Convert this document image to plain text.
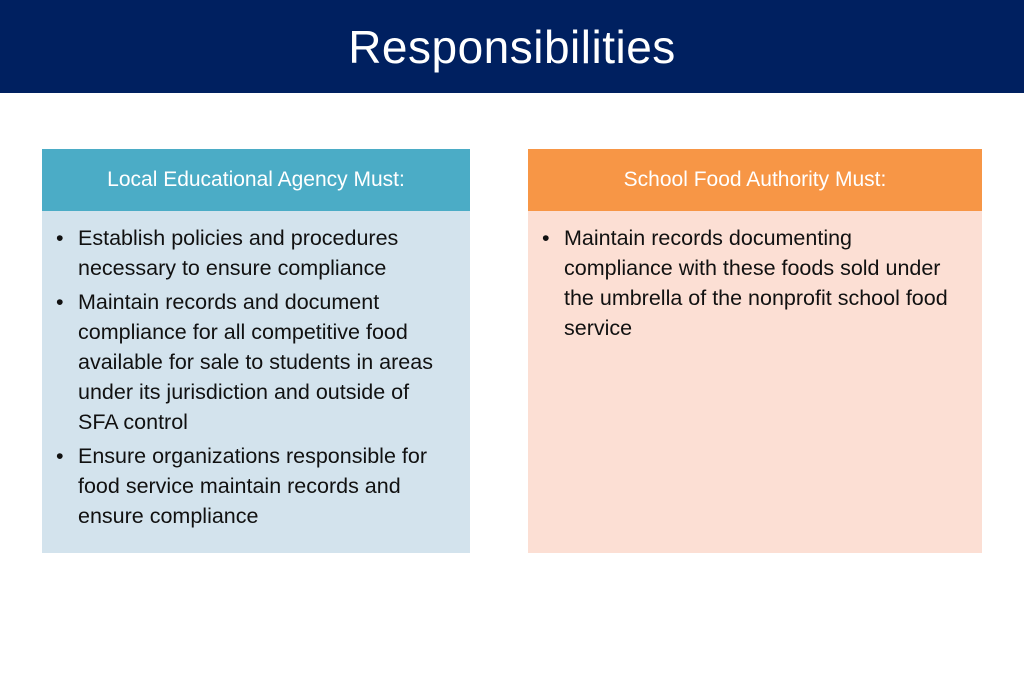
Responsibilities
Local Educational Agency Must:
• Establish policies and procedures necessary to ensure compliance
• Maintain records and document compliance for all competitive food available for sale to students in areas under its jurisdiction and outside of SFA control
• Ensure organizations responsible for food service maintain records and ensure compliance
School Food Authority Must:
• Maintain records documenting compliance with these foods sold under the umbrella of the nonprofit school food service
